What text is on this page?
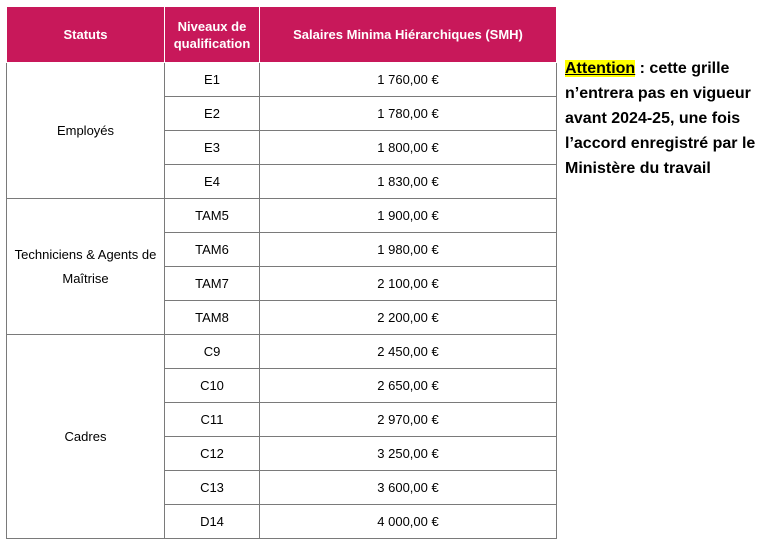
Statuts	Niveaux de qualification	Salaires Minima Hiérarchiques (SMH)
Employés	E1	1 760,00 €
	E2	1 780,00 €
	E3	1 800,00 €
	E4	1 830,00 €
Techniciens & Agents de Maîtrise	TAM5	1 900,00 €
	TAM6	1 980,00 €
	TAM7	2 100,00 €
	TAM8	2 200,00 €
Cadres	C9	2 450,00 €
	C10	2 650,00 €
	C11	2 970,00 €
	C12	3 250,00 €
	C13	3 600,00 €
	D14	4 000,00 €
Attention : cette grille n’entrera pas en vigueur avant 2024-25, une fois l’accord enregistré par le Ministère du travail
